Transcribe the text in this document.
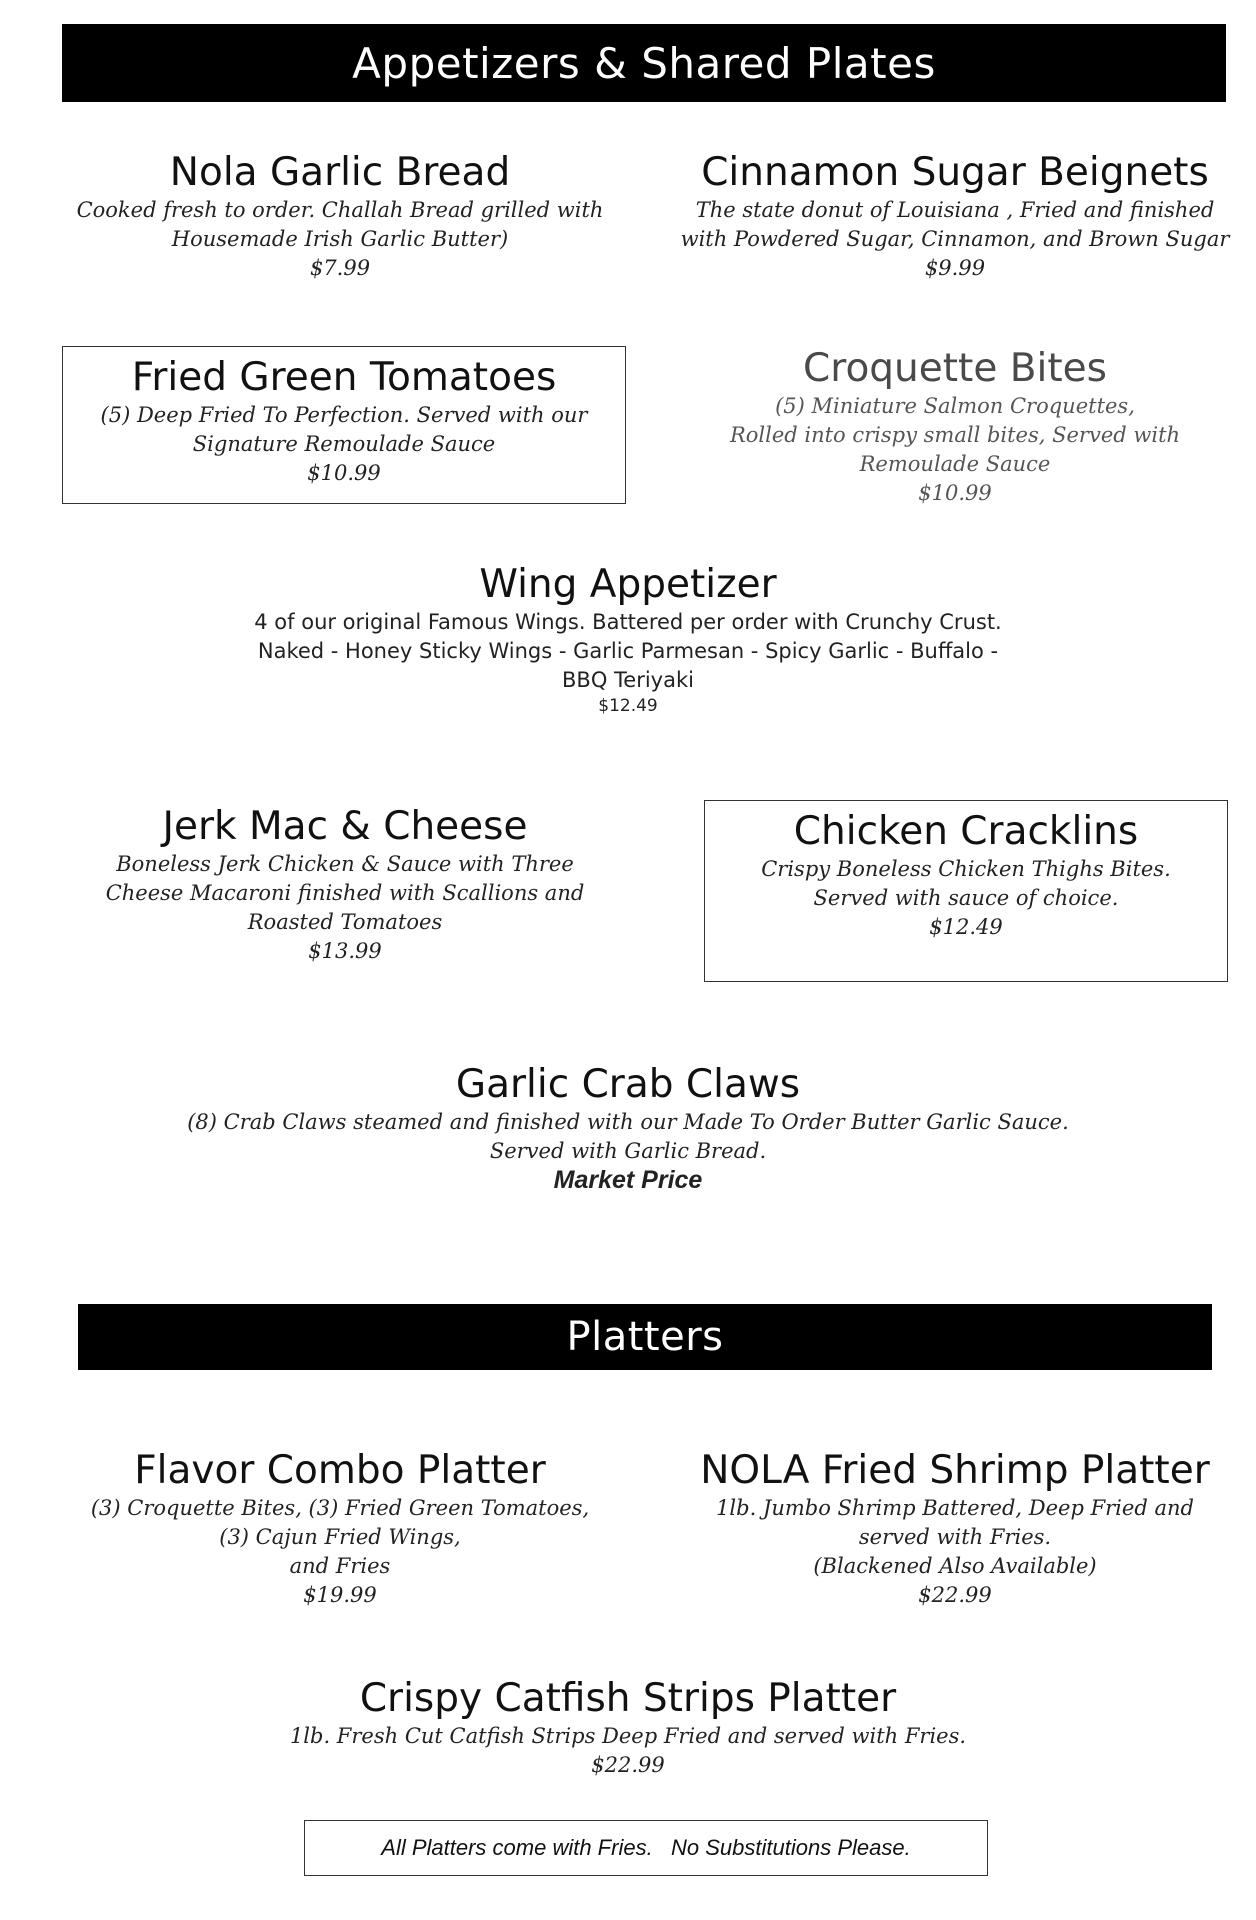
Appetizers & Shared Plates
Nola Garlic Bread
Cooked fresh to order. Challah Bread grilled with
Housemade Irish Garlic Butter)
$7.99
Cinnamon Sugar Beignets
The state donut of Louisiana , Fried and finished
with Powdered Sugar, Cinnamon, and Brown Sugar
$9.99
Fried Green Tomatoes
(5) Deep Fried To Perfection. Served with our
Signature Remoulade Sauce
$10.99
Croquette Bites
(5) Miniature Salmon Croquettes,
Rolled into crispy small bites, Served with
Remoulade Sauce
$10.99
Wing Appetizer
4 of our original Famous Wings. Battered per order with Crunchy Crust.
Naked - Honey Sticky Wings - Garlic Parmesan - Spicy Garlic - Buffalo -
BBQ Teriyaki
$12.49
Jerk Mac & Cheese
Boneless Jerk Chicken & Sauce with Three
Cheese Macaroni finished with Scallions and
Roasted Tomatoes
$13.99
Chicken Cracklins
Crispy Boneless Chicken Thighs Bites.
Served with sauce of choice.
$12.49
Garlic Crab Claws
(8) Crab Claws steamed and finished with our Made To Order Butter Garlic Sauce.
Served with Garlic Bread.
Market Price
Platters
Flavor Combo Platter
(3) Croquette Bites, (3) Fried Green Tomatoes,
(3) Cajun Fried Wings,
and Fries
$19.99
NOLA Fried Shrimp Platter
1lb. Jumbo Shrimp Battered, Deep Fried and
served with Fries.
(Blackened Also Available)
$22.99
Crispy Catfish Strips Platter
1lb. Fresh Cut Catfish Strips Deep Fried and served with Fries.
$22.99
All Platters come with Fries.   No Substitutions Please.
